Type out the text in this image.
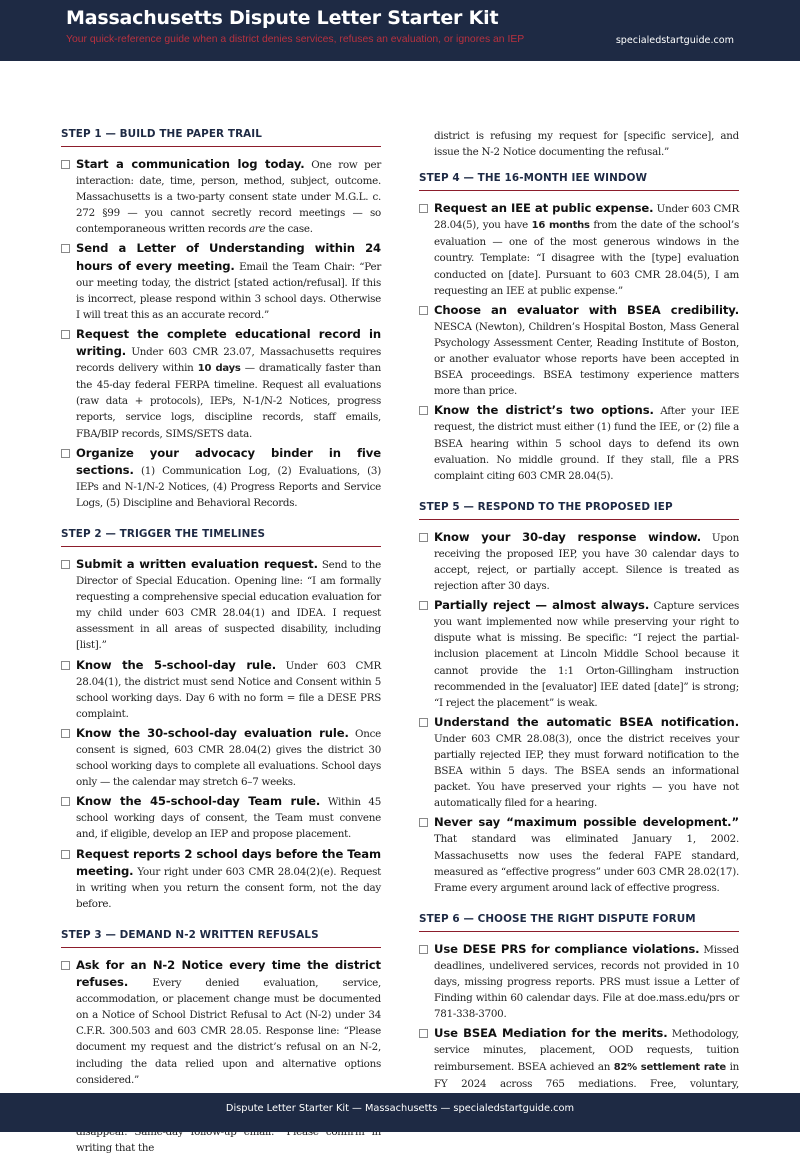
Massachusetts Dispute Letter Starter Kit
Your quick-reference guide when a district denies services, refuses an evaluation, or ignores an IEP	specialedstartguide.com
STEP 1 — BUILD THE PAPER TRAIL
Start a communication log today. One row per interaction: date, time, person, method, subject, outcome. Massachusetts is a two-party consent state under M.G.L. c. 272 §99 — you cannot secretly record meetings — so contemporaneous written records are the case.
Send a Letter of Understanding within 24 hours of every meeting. Email the Team Chair: “Per our meeting today, the district [stated action/refusal]. If this is incorrect, please respond within 3 school days. Otherwise I will treat this as an accurate record.”
Request the complete educational record in writing. Under 603 CMR 23.07, Massachusetts requires records delivery within 10 days — dramatically faster than the 45-day federal FERPA timeline. Request all evaluations (raw data + protocols), IEPs, N-1/N-2 Notices, progress reports, service logs, discipline records, staff emails, FBA/BIP records, SIMS/SETS data.
Organize your advocacy binder in five sections. (1) Communication Log, (2) Evaluations, (3) IEPs and N-1/N-2 Notices, (4) Progress Reports and Service Logs, (5) Discipline and Behavioral Records.
STEP 2 — TRIGGER THE TIMELINES
Submit a written evaluation request. Send to the Director of Special Education. Opening line: “I am formally requesting a comprehensive special education evaluation for my child under 603 CMR 28.04(1) and IDEA. I request assessment in all areas of suspected disability, including [list].”
Know the 5-school-day rule. Under 603 CMR 28.04(1), the district must send Notice and Consent within 5 school working days. Day 6 with no form = file a DESE PRS complaint.
Know the 30-school-day evaluation rule. Once consent is signed, 603 CMR 28.04(2) gives the district 30 school working days to complete all evaluations. School days only — the calendar may stretch 6–7 weeks.
Know the 45-school-day Team rule. Within 45 school working days of consent, the Team must convene and, if eligible, develop an IEP and propose placement.
Request reports 2 school days before the Team meeting. Your right under 603 CMR 28.04(2)(e). Request in writing when you return the consent form, not the day before.
STEP 3 — DEMAND N-2 WRITTEN REFUSALS
Ask for an N-2 Notice every time the district refuses. Every denied evaluation, service, accommodation, or placement change must be documented on a Notice of School District Refusal to Act (N-2) under 34 C.F.R. 300.503 and 603 CMR 28.05. Response line: “Please document my request and the district’s refusal on an N-2, including the data relied upon and alternative options considered.”
writing that the
district is refusing my request for [specific service], and issue the N-2 Notice documenting the refusal.”
STEP 4 — THE 16-MONTH IEE WINDOW
Request an IEE at public expense. Under 603 CMR 28.04(5), you have 16 months from the date of the school’s evaluation — one of the most generous windows in the country. Template: “I disagree with the [type] evaluation conducted on [date]. Pursuant to 603 CMR 28.04(5), I am requesting an IEE at public expense.”
Choose an evaluator with BSEA credibility. NESCA (Newton), Children’s Hospital Boston, Mass General Psychology Assessment Center, Reading Institute of Boston, or another evaluator whose reports have been accepted in BSEA proceedings. BSEA testimony experience matters more than price.
Know the district’s two options. After your IEE request, the district must either (1) fund the IEE, or (2) file a BSEA hearing within 5 school days to defend its own evaluation. No middle ground. If they stall, file a PRS complaint citing 603 CMR 28.04(5).
STEP 5 — RESPOND TO THE PROPOSED IEP
Know your 30-day response window. Upon receiving the proposed IEP, you have 30 calendar days to accept, reject, or partially accept. Silence is treated as rejection after 30 days.
Partially reject — almost always. Capture services you want implemented now while preserving your right to dispute what is missing. Be specific: “I reject the partial-inclusion placement at Lincoln Middle School because it cannot provide the 1:1 Orton-Gillingham instruction recommended in the [evaluator] IEE dated [date]” is strong; “I reject the placement” is weak.
Understand the automatic BSEA notification. Under 603 CMR 28.08(3), once the district receives your partially rejected IEP, they must forward notification to the BSEA within 5 days. The BSEA sends an informational packet. You have preserved your rights — you have not automatically filed for a hearing.
Never say “maximum possible development.” That standard was eliminated January 1, 2002. Massachusetts now uses the federal FAPE standard, measured as “effective progress” under 603 CMR 28.02(17). Frame every argument around lack of effective progress.
STEP 6 — CHOOSE THE RIGHT DISPUTE FORUM
Use DESE PRS for compliance violations. Missed deadlines, undelivered services, records not provided in 10 days, missing progress reports. PRS must issue a Letter of Finding within 60 calendar days. File at doe.mass.edu/prs or 781-338-3700.
Use BSEA Mediation for the merits. Methodology, service minutes, placement, OOD requests, tuition reimbursement. BSEA achieved an 82% settlement rate in FY 2024 across 765 mediations. Free, voluntary,
Dispute Letter Starter Kit — Massachusetts — specialedstartguide.com
